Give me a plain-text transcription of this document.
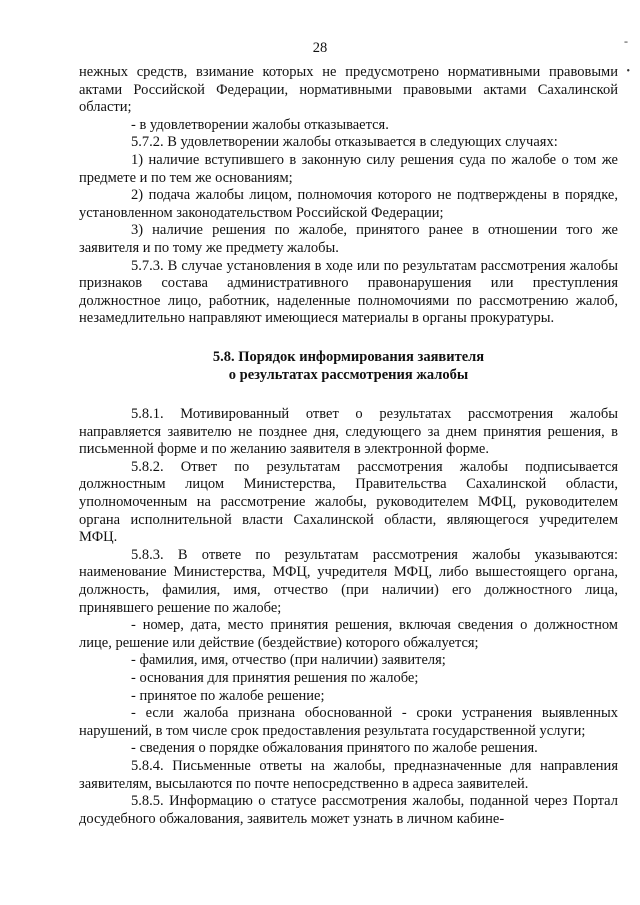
28	-
•

нежных средств, взимание которых не предусмотрено нормативными правовыми актами Российской Федерации, нормативными правовыми актами Сахалинской области;

- в удовлетворении жалобы отказывается.

5.7.2. В удовлетворении жалобы отказывается в следующих случаях:

1) наличие вступившего в законную силу решения суда по жалобе о том же предмете и по тем же основаниям;

2) подача жалобы лицом, полномочия которого не подтверждены в порядке, установленном законодательством Российской Федерации;

3) наличие решения по жалобе, принятого ранее в отношении того же заявителя и по тому же предмету жалобы.

5.7.3. В случае установления в ходе или по результатам рассмотрения жалобы признаков состава административного правонарушения или преступления должностное лицо, работник, наделенные полномочиями по рассмотрению жалоб, незамедлительно направляют имеющиеся материалы в органы прокуратуры.

5.8. Порядок информирования заявителя
о результатах рассмотрения жалобы

5.8.1. Мотивированный ответ о результатах рассмотрения жалобы направляется заявителю не позднее дня, следующего за днем принятия решения, в письменной форме и по желанию заявителя в электронной форме.

5.8.2. Ответ по результатам рассмотрения жалобы подписывается должностным лицом Министерства, Правительства Сахалинской области, уполномоченным на рассмотрение жалобы, руководителем МФЦ, руководителем органа исполнительной власти Сахалинской области, являющегося учредителем МФЦ.

5.8.3. В ответе по результатам рассмотрения жалобы указываются: наименование Министерства, МФЦ, учредителя МФЦ, либо вышестоящего органа, должность, фамилия, имя, отчество (при наличии) его должностного лица, принявшего решение по жалобе;

- номер, дата, место принятия решения, включая сведения о должностном лице, решение или действие (бездействие) которого обжалуется;

- фамилия, имя, отчество (при наличии) заявителя;

- основания для принятия решения по жалобе;

- принятое по жалобе решение;

- если жалоба признана обоснованной - сроки устранения выявленных нарушений, в том числе срок предоставления результата государственной услуги;

- сведения о порядке обжалования принятого по жалобе решения.

5.8.4. Письменные ответы на жалобы, предназначенные для направления заявителям, высылаются по почте непосредственно в адреса заявителей.

5.8.5. Информацию о статусе рассмотрения жалобы, поданной через Портал досудебного обжалования, заявитель может узнать в личном кабине-
